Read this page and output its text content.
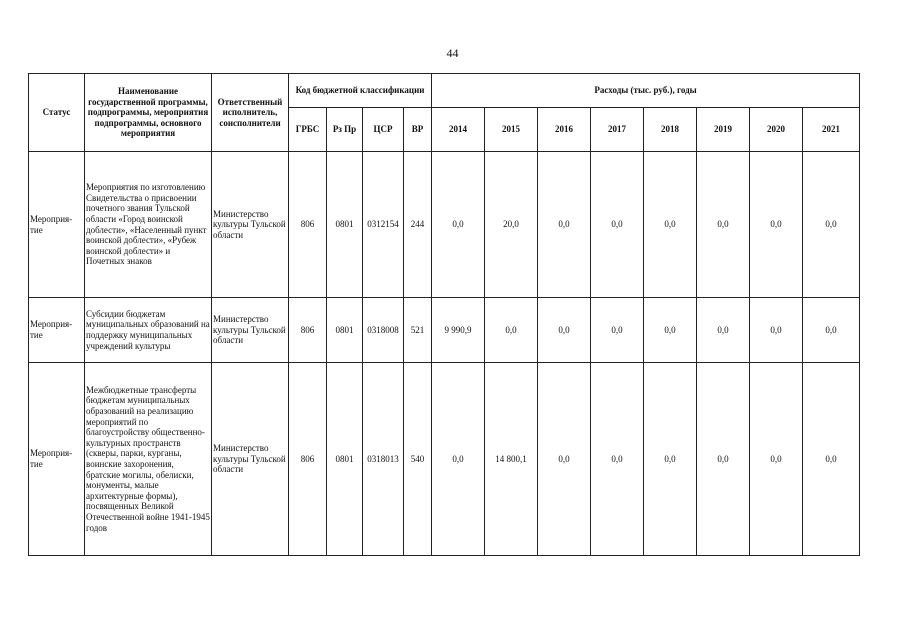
44
Статус	Наименование государственной программы, подпрограммы, мероприятия подпрограммы, основного мероприятия	Ответственный исполнитель, соисполнители	Код бюджетной классификации				Расходы (тыс. руб.), годы							
			ГРБС	Рз Пр	ЦСР	ВР	2014	2015	2016	2017	2018	2019	2020	2021
Мероприя-тие	Мероприятия по изготовлению Свидетельства о присвоении почетного звания Тульской области «Город воинской доблести», «Населенный пункт воинской доблести», «Рубеж воинской доблести» и Почетных знаков	Министерство культуры Тульской области	806	0801	0312154	244	0,0	20,0	0,0	0,0	0,0	0,0	0,0	0,0
Мероприя-тие	Субсидии бюджетам муниципальных образований на поддержку муниципальных учреждений культуры	Министерство культуры Тульской области	806	0801	0318008	521	9 990,9	0,0	0,0	0,0	0,0	0,0	0,0	0,0
Мероприя-тие	Межбюджетные трансферты бюджетам муниципальных образований на реализацию мероприятий по благоустройству общественно-культурных пространств (скверы, парки, курганы, воинские захоронения, братские могилы, обелиски, монументы, малые архитектурные формы), посвященных Великой Отечественной войне 1941-1945 годов	Министерство культуры Тульской области	806	0801	0318013	540	0,0	14 800,1	0,0	0,0	0,0	0,0	0,0	0,0
